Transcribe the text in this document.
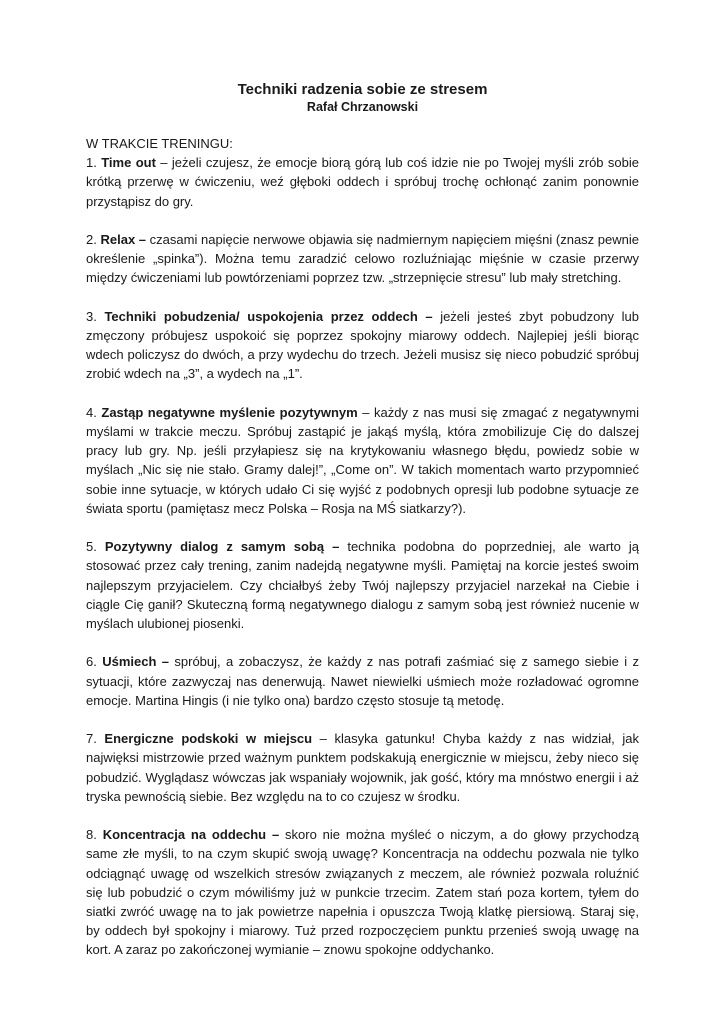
Techniki radzenia sobie ze stresem

Rafał Chrzanowski

W TRAKCIE TRENINGU:

1. Time out – jeżeli czujesz, że emocje biorą górą lub coś idzie nie po Twojej myśli zrób sobie krótką przerwę w ćwiczeniu, weź głęboki oddech i spróbuj trochę ochłonąć zanim ponownie przystąpisz do gry.

2. Relax – czasami napięcie nerwowe objawia się nadmiernym napięciem mięśni (znasz pewnie określenie „spinka”). Można temu zaradzić celowo rozluźniając mięśnie w czasie przerwy między ćwiczeniami lub powtórzeniami poprzez tzw. „strzepnięcie stresu” lub mały stretching.

3. Techniki pobudzenia/ uspokojenia przez oddech – jeżeli jesteś zbyt pobudzony lub zmęczony próbujesz uspokoić się poprzez spokojny miarowy oddech. Najlepiej jeśli biorąc wdech policzysz do dwóch, a przy wydechu do trzech. Jeżeli musisz się nieco pobudzić spróbuj zrobić wdech na „3”, a wydech na „1”.

4. Zastąp negatywne myślenie pozytywnym – każdy z nas musi się zmagać z negatywnymi myślami w trakcie meczu. Spróbuj zastąpić je jakąś myślą, która zmobilizuje Cię do dalszej pracy lub gry. Np. jeśli przyłapiesz się na krytykowaniu własnego błędu, powiedz sobie w myślach „Nic się nie stało. Gramy dalej!”, „Come on”. W takich momentach warto przypomnieć sobie inne sytuacje, w których udało Ci się wyjść z podobnych opresji lub podobne sytuacje ze świata sportu (pamiętasz mecz Polska – Rosja na MŚ siatkarzy?).

5. Pozytywny dialog z samym sobą – technika podobna do poprzedniej, ale warto ją stosować przez cały trening, zanim nadejdą negatywne myśli. Pamiętaj na korcie jesteś swoim najlepszym przyjacielem. Czy chciałbyś żeby Twój najlepszy przyjaciel narzekał na Ciebie i ciągle Cię ganił? Skuteczną formą negatywnego dialogu z samym sobą jest również nucenie w myślach ulubionej piosenki.

6. Uśmiech – spróbuj, a zobaczysz, że każdy z nas potrafi zaśmiać się z samego siebie i z sytuacji, które zazwyczaj nas denerwują. Nawet niewielki uśmiech może rozładować ogromne emocje. Martina Hingis (i nie tylko ona) bardzo często stosuje tą metodę.

7. Energiczne podskoki w miejscu – klasyka gatunku! Chyba każdy z nas widział, jak najwięksi mistrzowie przed ważnym punktem podskakują energicznie w miejscu, żeby nieco się pobudzić. Wyglądasz wówczas jak wspaniały wojownik, jak gość, który ma mnóstwo energii i aż tryska pewnością siebie. Bez względu na to co czujesz w środku.

8. Koncentracja na oddechu – skoro nie można myśleć o niczym, a do głowy przychodzą same złe myśli, to na czym skupić swoją uwagę? Koncentracja na oddechu pozwala nie tylko odciągnąć uwagę od wszelkich stresów związanych z meczem, ale również pozwala roluźnić się lub pobudzić o czym mówiliśmy już w punkcie trzecim. Zatem stań poza kortem, tyłem do siatki zwróć uwagę na to jak powietrze napełnia i opuszcza Twoją klatkę piersiową. Staraj się, by oddech był spokojny i miarowy. Tuż przed rozpoczęciem punktu przenieś swoją uwagę na kort. A zaraz po zakończonej wymianie – znowu spokojne oddychanko.
